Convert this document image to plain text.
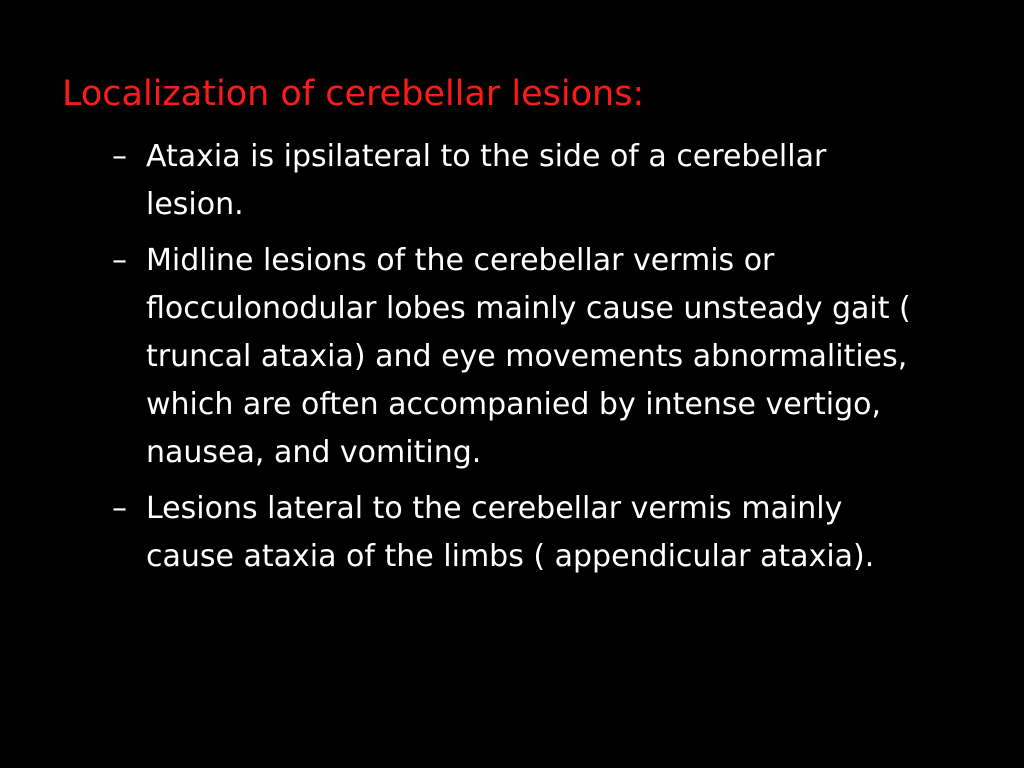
Localization of cerebellar lesions:
– Ataxia is ipsilateral to the side of a cerebellar
lesion.
– Midline lesions of the cerebellar vermis or
flocculonodular lobes mainly cause unsteady gait (
truncal ataxia) and eye movements abnormalities,
which are often accompanied by intense vertigo,
nausea, and vomiting.
– Lesions lateral to the cerebellar vermis mainly
cause ataxia of the limbs ( appendicular ataxia).
